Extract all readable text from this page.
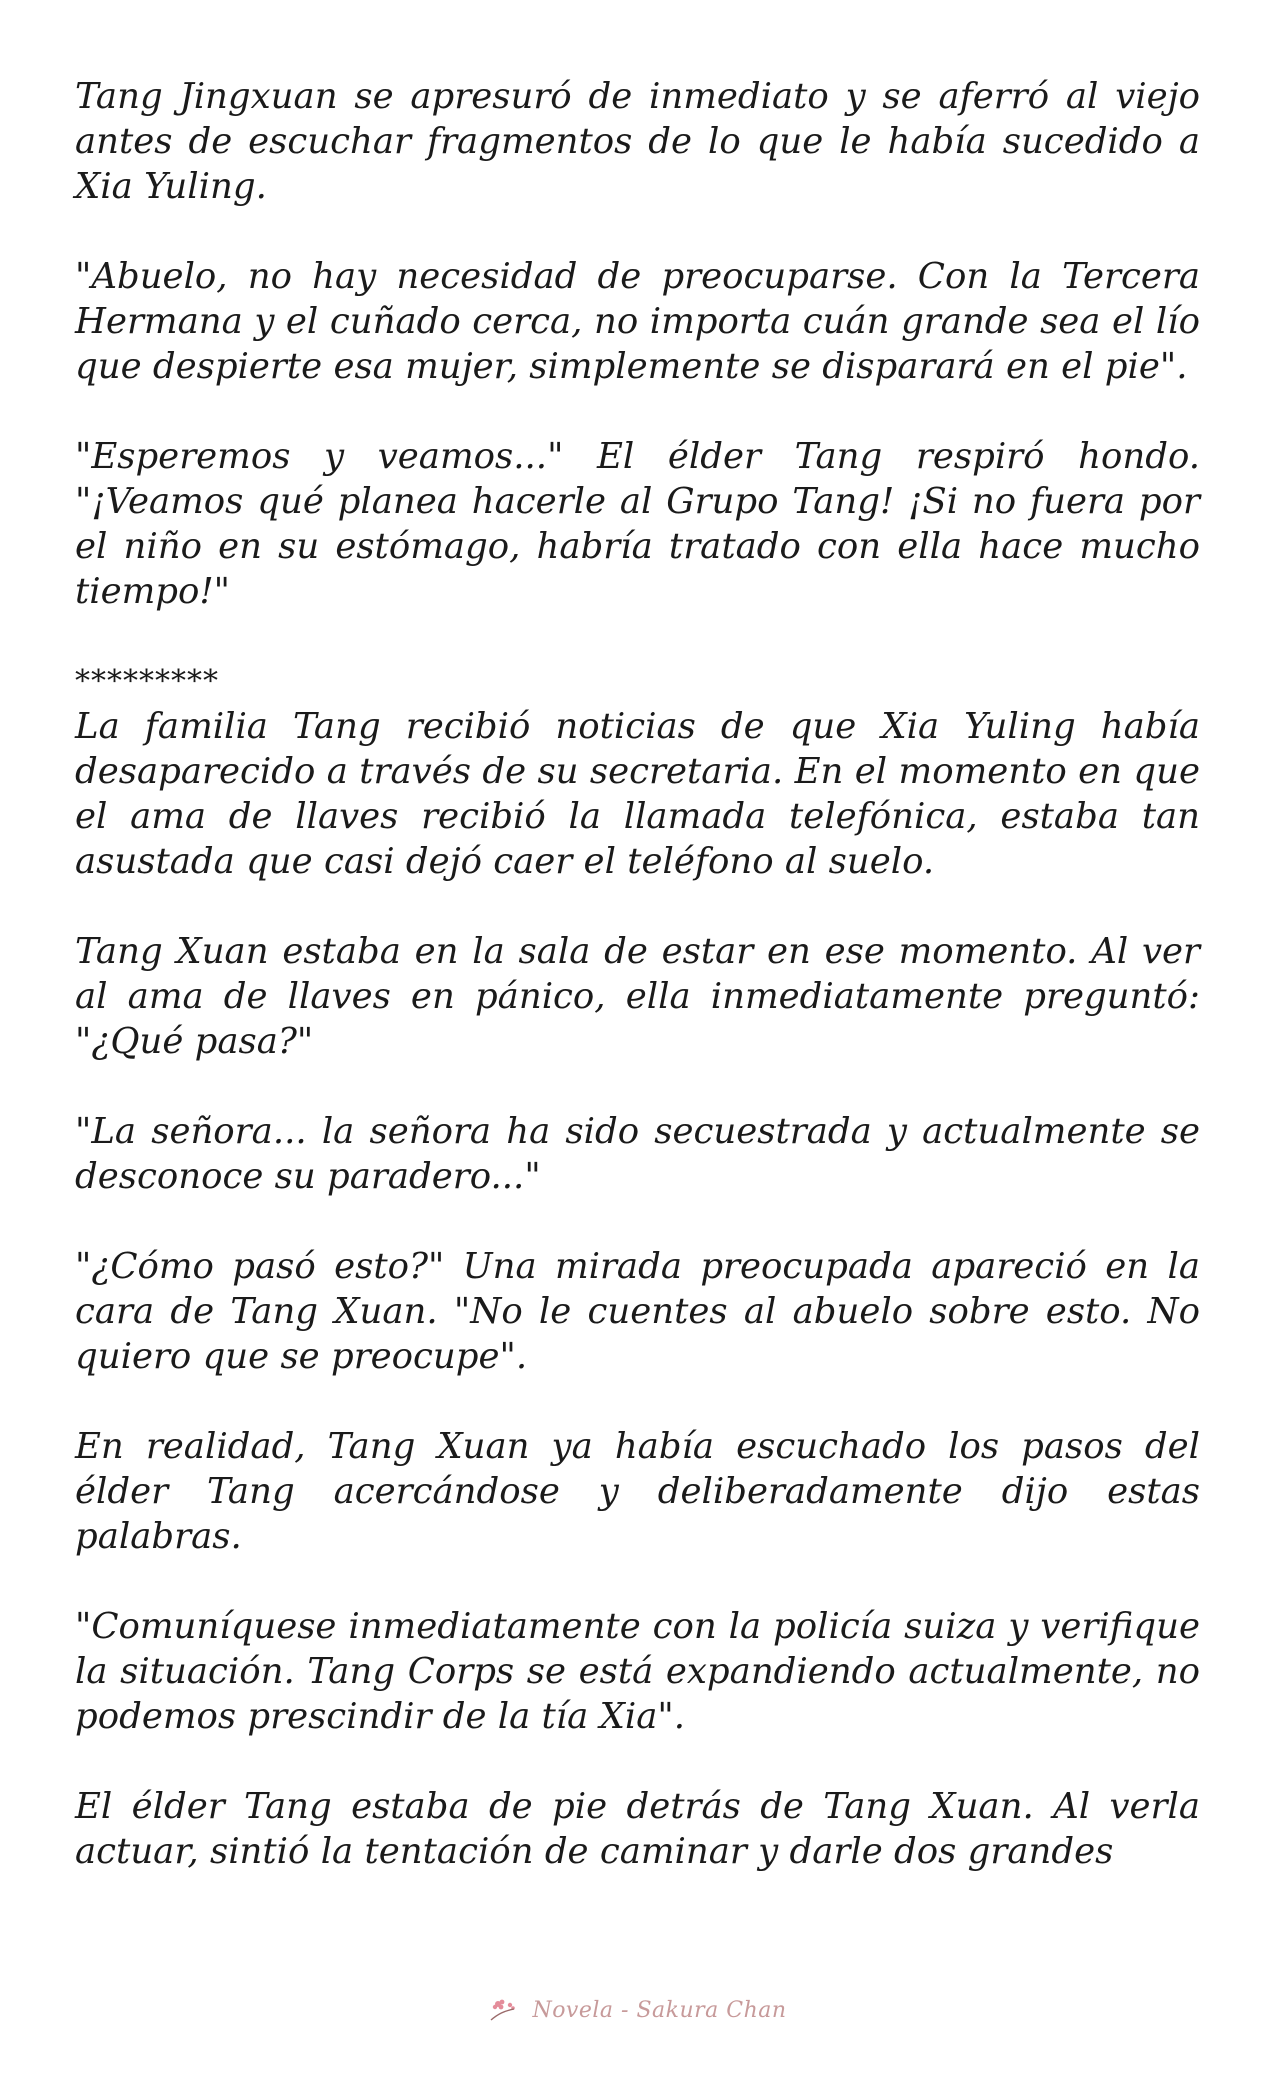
Tang Jingxuan se apresuró de inmediato y se aferró al viejo antes de escuchar fragmentos de lo que le había sucedido a Xia Yuling.

"Abuelo, no hay necesidad de preocuparse. Con la Tercera Hermana y el cuñado cerca, no importa cuán grande sea el lío que despierte esa mujer, simplemente se disparará en el pie".

"Esperemos y veamos..." El élder Tang respiró hondo. "¡Veamos qué planea hacerle al Grupo Tang! ¡Si no fuera por el niño en su estómago, habría tratado con ella hace mucho tiempo!"

*********

La familia Tang recibió noticias de que Xia Yuling había desaparecido a través de su secretaria. En el momento en que el ama de llaves recibió la llamada telefónica, estaba tan asustada que casi dejó caer el teléfono al suelo.

Tang Xuan estaba en la sala de estar en ese momento. Al ver al ama de llaves en pánico, ella inmediatamente preguntó: "¿Qué pasa?"

"La señora... la señora ha sido secuestrada y actualmente se desconoce su paradero..."

"¿Cómo pasó esto?" Una mirada preocupada apareció en la cara de Tang Xuan. "No le cuentes al abuelo sobre esto. No quiero que se preocupe".

En realidad, Tang Xuan ya había escuchado los pasos del élder Tang acercándose y deliberadamente dijo estas palabras.

"Comuníquese inmediatamente con la policía suiza y verifique la situación. Tang Corps se está expandiendo actualmente, no podemos prescindir de la tía Xia".

El élder Tang estaba de pie detrás de Tang Xuan. Al verla actuar, sintió la tentación de caminar y darle dos grandes

Novela - Sakura Chan
